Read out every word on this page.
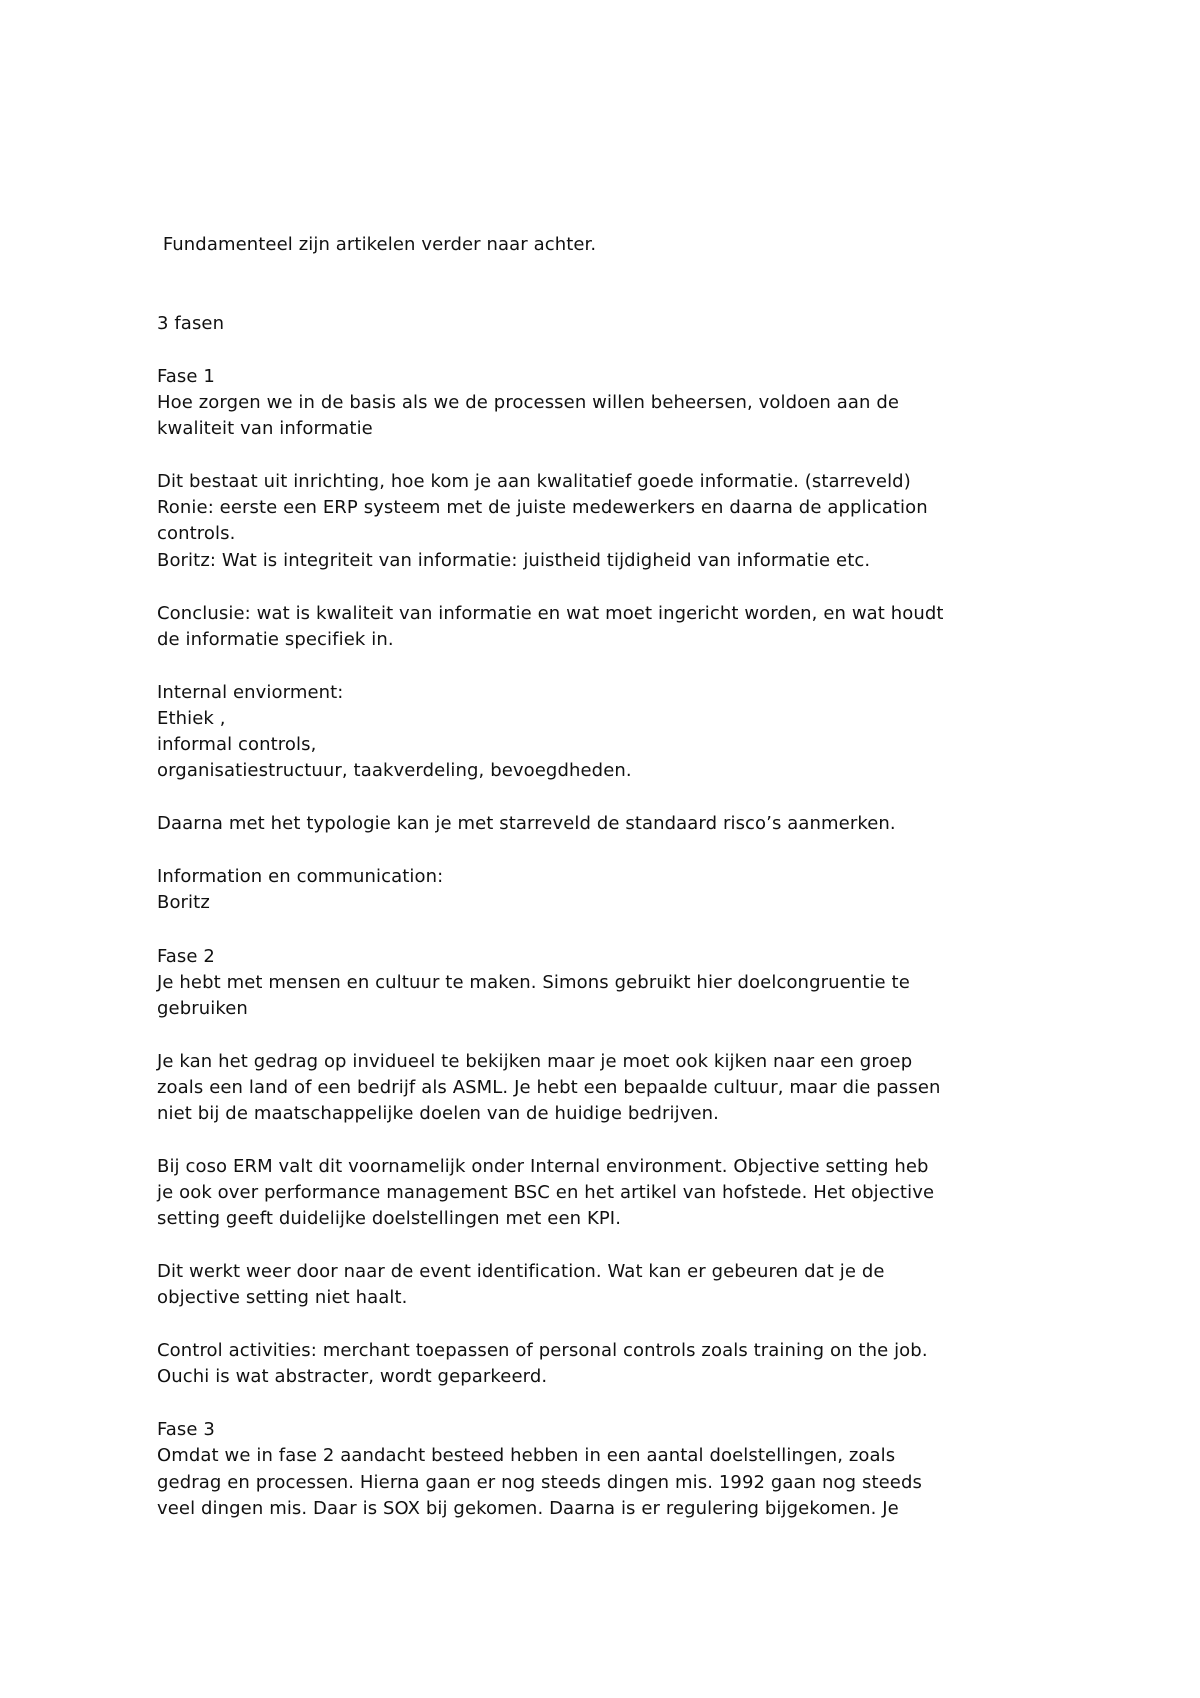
Fundamenteel zijn artikelen verder naar achter.
3 fasen
Fase 1
Hoe zorgen we in de basis als we de processen willen beheersen, voldoen aan de
kwaliteit van informatie
Dit bestaat uit inrichting, hoe kom je aan kwalitatief goede informatie. (starreveld)
Ronie: eerste een ERP systeem met de juiste medewerkers en daarna de application
controls.
Boritz: Wat is integriteit van informatie: juistheid tijdigheid van informatie etc.
Conclusie: wat is kwaliteit van informatie en wat moet ingericht worden, en wat houdt
de informatie specifiek in.
Internal enviorment:
Ethiek ,
informal controls,
organisatiestructuur, taakverdeling, bevoegdheden.
Daarna met het typologie kan je met starreveld de standaard risco’s aanmerken.
Information en communication:
Boritz
Fase 2
Je hebt met mensen en cultuur te maken. Simons gebruikt hier doelcongruentie te
gebruiken
Je kan het gedrag op invidueel te bekijken maar je moet ook kijken naar een groep
zoals een land of een bedrijf als ASML. Je hebt een bepaalde cultuur, maar die passen
niet bij de maatschappelijke doelen van de huidige bedrijven.
Bij coso ERM valt dit voornamelijk onder Internal environment. Objective setting heb
je ook over performance management BSC en het artikel van hofstede. Het objective
setting geeft duidelijke doelstellingen met een KPI.
Dit werkt weer door naar de event identification. Wat kan er gebeuren dat je de
objective setting niet haalt.
Control activities: merchant toepassen of personal controls zoals training on the job.
Ouchi is wat abstracter, wordt geparkeerd.
Fase 3
Omdat we in fase 2 aandacht besteed hebben in een aantal doelstellingen, zoals
gedrag en processen. Hierna gaan er nog steeds dingen mis. 1992 gaan nog steeds
veel dingen mis. Daar is SOX bij gekomen. Daarna is er regulering bijgekomen. Je
